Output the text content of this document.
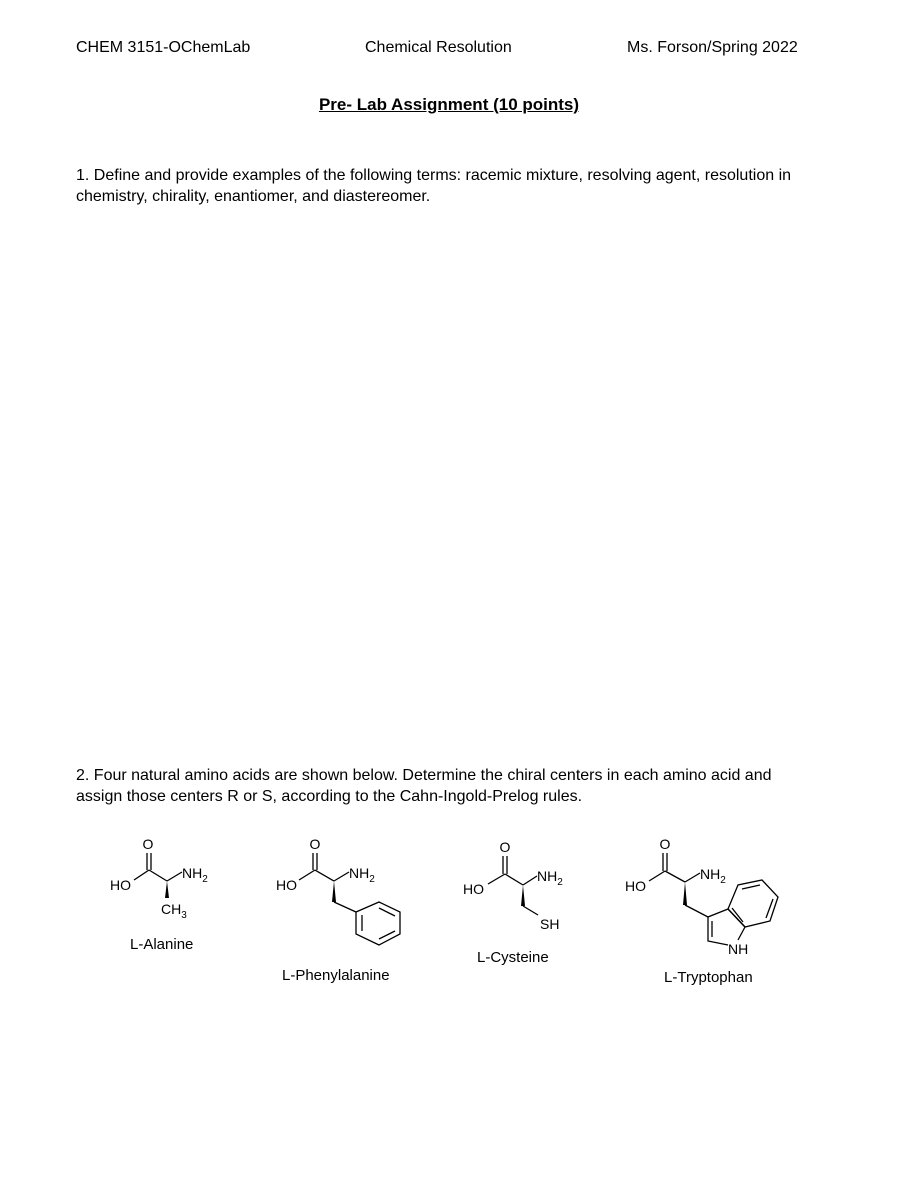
CHEM 3151-OChemLab	Chemical Resolution	Ms. Forson/Spring 2022
Pre- Lab Assignment (10 points)
1. Define and provide examples of the following terms: racemic mixture, resolving agent, resolution in chemistry, chirality, enantiomer, and diastereomer.
2. Four natural amino acids are shown below. Determine the chiral centers in each amino acid and assign those centers R or S, according to the Cahn-Ingold-Prelog rules.
O
HO
$NH_2$
$CH_3$
L-Alanine
O
HO
$NH_2$
L-Phenylalanine
O
HO
$NH_2$
SH
L-Cysteine
O
HO
$NH_2$
NH
L-Tryptophan
